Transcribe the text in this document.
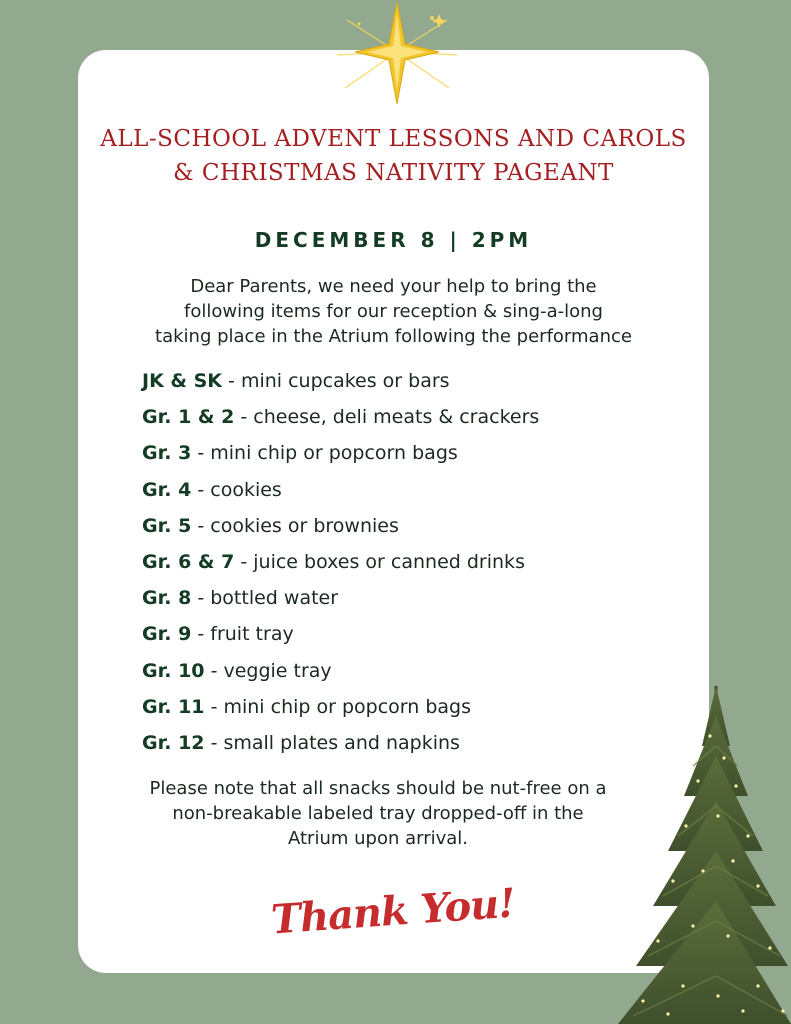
ALL-SCHOOL ADVENT LESSONS AND CAROLS
& CHRISTMAS NATIVITY PAGEANT
DECEMBER 8 | 2PM
Dear Parents, we need your help to bring the
following items for our reception & sing-a-long
taking place in the Atrium following the performance
JK & SK - mini cupcakes or bars
Gr. 1 & 2 - cheese, deli meats & crackers
Gr. 3 - mini chip or popcorn bags
Gr. 4 - cookies
Gr. 5 - cookies or brownies
Gr. 6 & 7 - juice boxes or canned drinks
Gr. 8 - bottled water
Gr. 9 - fruit tray
Gr. 10 - veggie tray
Gr. 11 - mini chip or popcorn bags
Gr. 12 - small plates and napkins
Please note that all snacks should be nut-free on a
non-breakable labeled tray dropped-off in the
Atrium upon arrival.
Thank You!
